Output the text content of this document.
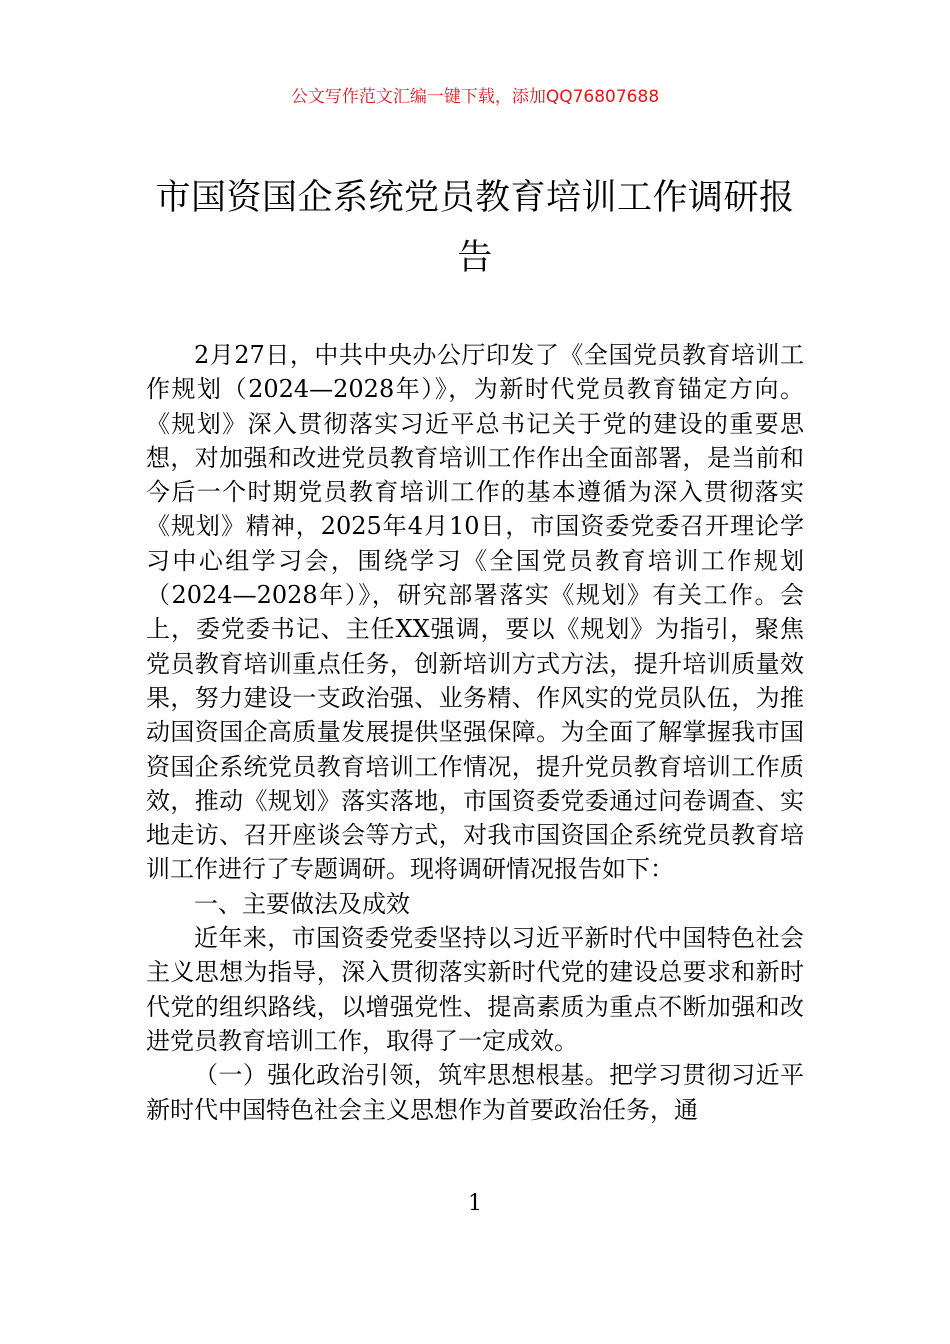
公文写作范文汇编一键下载，添加QQ76807688
市国资国企系统党员教育培训工作调研报告

2月27日，中共中央办公厅印发了《全国党员教育培训工作规划（2024—2028年）》，为新时代党员教育锚定方向。《规划》深入贯彻落实习近平总书记关于党的建设的重要思想，对加强和改进党员教育培训工作作出全面部署，是当前和今后一个时期党员教育培训工作的基本遵循为深入贯彻落实《规划》精神，2025年4月10日，市国资委党委召开理论学习中心组学习会，围绕学习《全国党员教育培训工作规划（2024—2028年）》，研究部署落实《规划》有关工作。会上，委党委书记、主任XX强调，要以《规划》为指引，聚焦党员教育培训重点任务，创新培训方式方法，提升培训质量效果，努力建设一支政治强、业务精、作风实的党员队伍，为推动国资国企高质量发展提供坚强保障。为全面了解掌握我市国资国企系统党员教育培训工作情况，提升党员教育培训工作质效，推动《规划》落实落地，市国资委党委通过问卷调查、实地走访、召开座谈会等方式，对我市国资国企系统党员教育培训工作进行了专题调研。现将调研情况报告如下：

一、主要做法及成效

近年来，市国资委党委坚持以习近平新时代中国特色社会主义思想为指导，深入贯彻落实新时代党的建设总要求和新时代党的组织路线，以增强党性、提高素质为重点不断加强和改进党员教育培训工作，取得了一定成效。

（一）强化政治引领，筑牢思想根基。把学习贯彻习近平新时代中国特色社会主义思想作为首要政治任务，通

1
